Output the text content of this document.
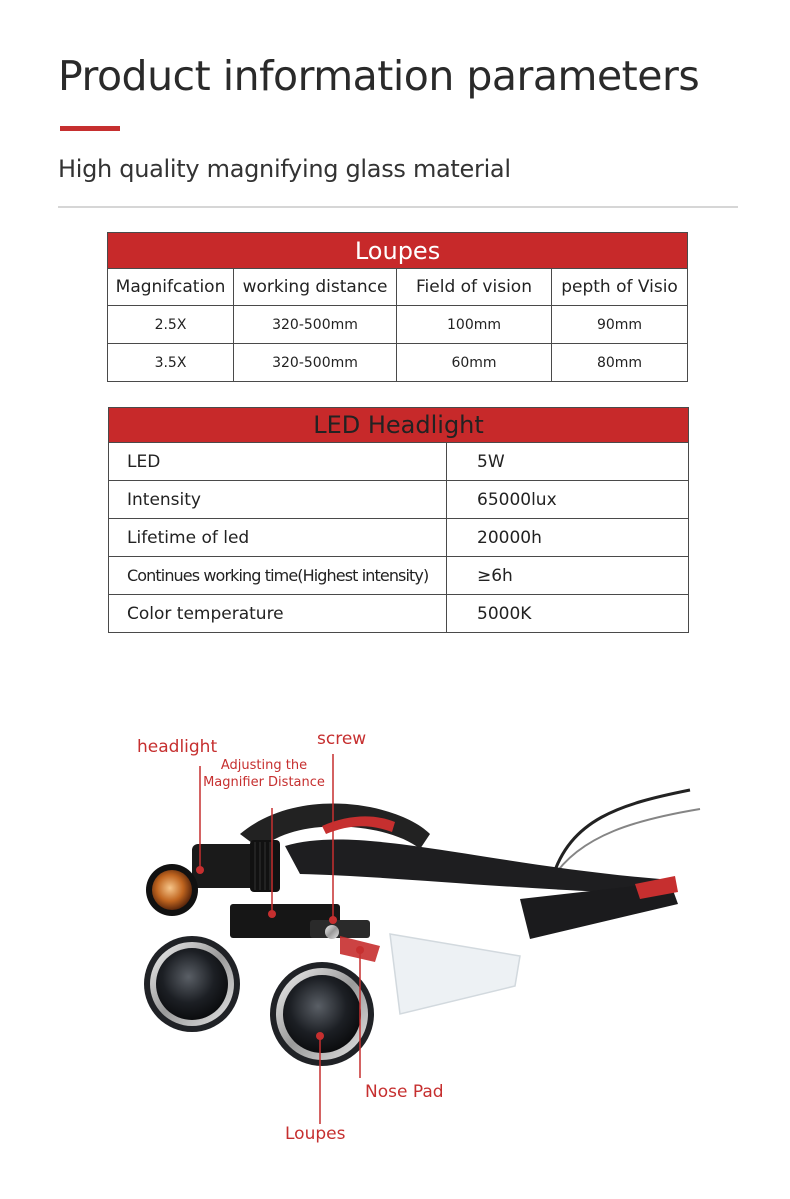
Product information parameters
High quality magnifying glass material
Loupes			
Magnifcation	working distance	Field of vision	pepth of Visio
2.5X	320-500mm	100mm	90mm
3.5X	320-500mm	60mm	80mm
LED Headlight	
LED	5W
Intensity	65000lux
Lifetime of led	20000h
Continues working time(Highest intensity)	≥6h
Color temperature	5000K
headlight	screw
Adjusting the
Magnifier Distance
Nose Pad
Loupes
